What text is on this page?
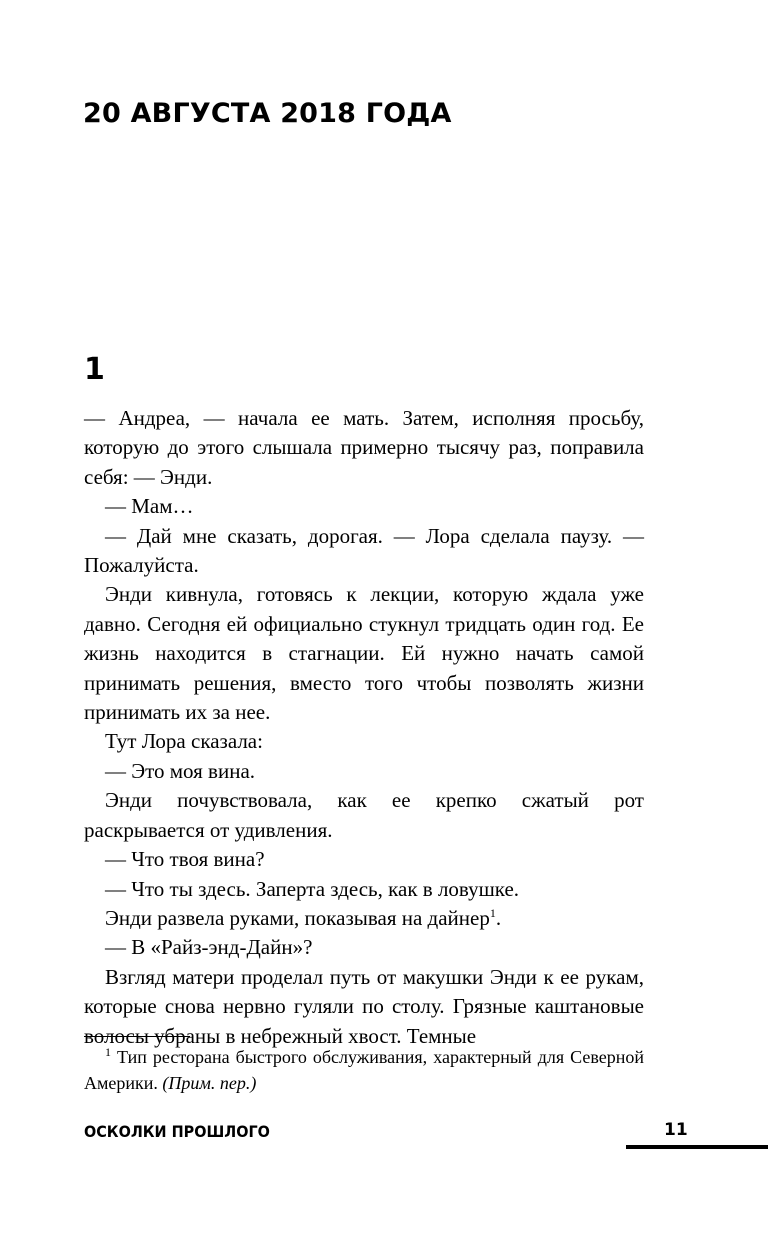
20 АВГУСТА 2018 ГОДА
1

— Андреа, — начала ее мать. Затем, исполняя просьбу, которую до этого слышала примерно тысячу раз, поправила себя: — Энди.

— Мам…

— Дай мне сказать, дорогая. — Лора сделала паузу. — Пожалуйста.

Энди кивнула, готовясь к лекции, которую ждала уже давно. Сегодня ей официально стукнул тридцать один год. Ее жизнь находится в стагнации. Ей нужно начать самой принимать решения, вместо того чтобы позволять жизни принимать их за нее.

Тут Лора сказала:

— Это моя вина.

Энди почувствовала, как ее крепко сжатый рот раскрывается от удивления.

— Что твоя вина?

— Что ты здесь. Заперта здесь, как в ловушке.

Энди развела руками, показывая на дайнер$^1$.

— В «Райз-энд-Дайн»?

Взгляд матери проделал путь от макушки Энди к ее рукам, которые снова нервно гуляли по столу. Грязные каштановые волосы убраны в небрежный хвост. Темные

$^1$ Тип ресторана быстрого обслуживания, характерный для Северной Америки. (Прим. пер.)

ОСКОЛКИ ПРОШЛОГО	11
